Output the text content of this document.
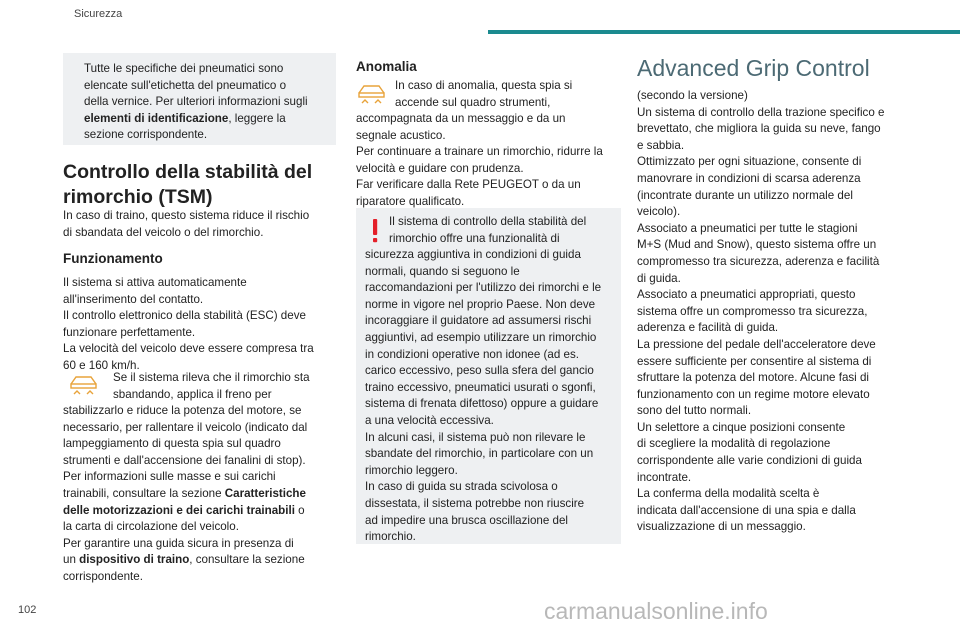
Sicurezza
Tutte le specifiche dei pneumatici sono
elencate sull'etichetta del pneumatico o
della vernice. Per ulteriori informazioni sugli
elementi di identificazione, leggere la
sezione corrispondente.
Controllo della stabilità del
rimorchio (TSM)
In caso di traino, questo sistema riduce il rischio
di sbandata del veicolo o del rimorchio.
Funzionamento
Il sistema si attiva automaticamente
all'inserimento del contatto.
Il controllo elettronico della stabilità (ESC) deve
funzionare perfettamente.
La velocità del veicolo deve essere compresa tra
60 e 160 km/h.
Se il sistema rileva che il rimorchio sta
sbandando, applica il freno per
stabilizzarlo e riduce la potenza del motore, se
necessario, per rallentare il veicolo (indicato dal
lampeggiamento di questa spia sul quadro
strumenti e dall'accensione dei fanalini di stop).
Per informazioni sulle masse e sui carichi
trainabili, consultare la sezione Caratteristiche
delle motorizzazioni e dei carichi trainabili o
la carta di circolazione del veicolo.
Per garantire una guida sicura in presenza di
un dispositivo di traino, consultare la sezione
corrispondente.
Anomalia
In caso di anomalia, questa spia si
accende sul quadro strumenti,
accompagnata da un messaggio e da un
segnale acustico.
Per continuare a trainare un rimorchio, ridurre la
velocità e guidare con prudenza.
Far verificare dalla Rete PEUGEOT o da un
riparatore qualificato.
Il sistema di controllo della stabilità del
rimorchio offre una funzionalità di
sicurezza aggiuntiva in condizioni di guida
normali, quando si seguono le
raccomandazioni per l'utilizzo dei rimorchi e le
norme in vigore nel proprio Paese. Non deve
incoraggiare il guidatore ad assumersi rischi
aggiuntivi, ad esempio utilizzare un rimorchio
in condizioni operative non idonee (ad es.
carico eccessivo, peso sulla sfera del gancio
traino eccessivo, pneumatici usurati o sgonfi,
sistema di frenata difettoso) oppure a guidare
a una velocità eccessiva.
In alcuni casi, il sistema può non rilevare le
sbandate del rimorchio, in particolare con un
rimorchio leggero.
In caso di guida su strada scivolosa o
dissestata, il sistema potrebbe non riuscire
ad impedire una brusca oscillazione del
rimorchio.
Advanced Grip Control
(secondo la versione)
Un sistema di controllo della trazione specifico e
brevettato, che migliora la guida su neve, fango
e sabbia.
Ottimizzato per ogni situazione, consente di
manovrare in condizioni di scarsa aderenza
(incontrate durante un utilizzo normale del
veicolo).
Associato a pneumatici per tutte le stagioni
M+S (Mud and Snow), questo sistema offre un
compromesso tra sicurezza, aderenza e facilità
di guida.
Associato a pneumatici appropriati, questo
sistema offre un compromesso tra sicurezza,
aderenza e facilità di guida.
La pressione del pedale dell'acceleratore deve
essere sufficiente per consentire al sistema di
sfruttare la potenza del motore. Alcune fasi di
funzionamento con un regime motore elevato
sono del tutto normali.
Un selettore a cinque posizioni consente
di scegliere la modalità di regolazione
corrispondente alle varie condizioni di guida
incontrate.
La conferma della modalità scelta è
indicata dall'accensione di una spia e dalla
visualizzazione di un messaggio.
102	carmanualsonline.info
